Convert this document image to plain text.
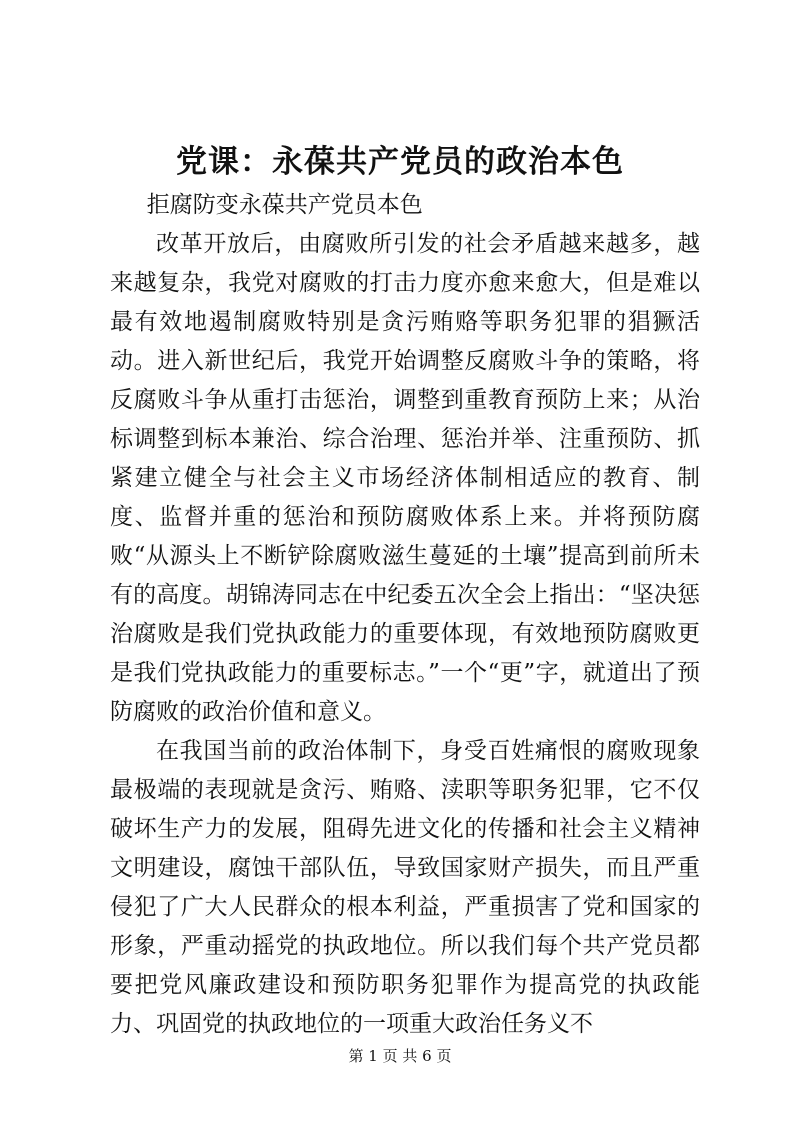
党课：永葆共产党员的政治本色

拒腐防变永葆共产党员本色

改革开放后，由腐败所引发的社会矛盾越来越多，越来越复杂，我党对腐败的打击力度亦愈来愈大，但是难以最有效地遏制腐败特别是贪污贿赂等职务犯罪的猖獗活动。进入新世纪后，我党开始调整反腐败斗争的策略，将反腐败斗争从重打击惩治，调整到重教育预防上来；从治标调整到标本兼治、综合治理、惩治并举、注重预防、抓紧建立健全与社会主义市场经济体制相适应的教育、制度、监督并重的惩治和预防腐败体系上来。并将预防腐败“从源头上不断铲除腐败滋生蔓延的土壤”提高到前所未有的高度。胡锦涛同志在中纪委五次全会上指出：“坚决惩治腐败是我们党执政能力的重要体现，有效地预防腐败更是我们党执政能力的重要标志。”一个“更”字，就道出了预防腐败的政治价值和意义。

在我国当前的政治体制下，身受百姓痛恨的腐败现象最极端的表现就是贪污、贿赂、渎职等职务犯罪，它不仅破坏生产力的发展，阻碍先进文化的传播和社会主义精神文明建设，腐蚀干部队伍，导致国家财产损失，而且严重侵犯了广大人民群众的根本利益，严重损害了党和国家的形象，严重动摇党的执政地位。所以我们每个共产党员都要把党风廉政建设和预防职务犯罪作为提高党的执政能力、巩固党的执政地位的一项重大政治任务义不

第 1 页 共 6 页
